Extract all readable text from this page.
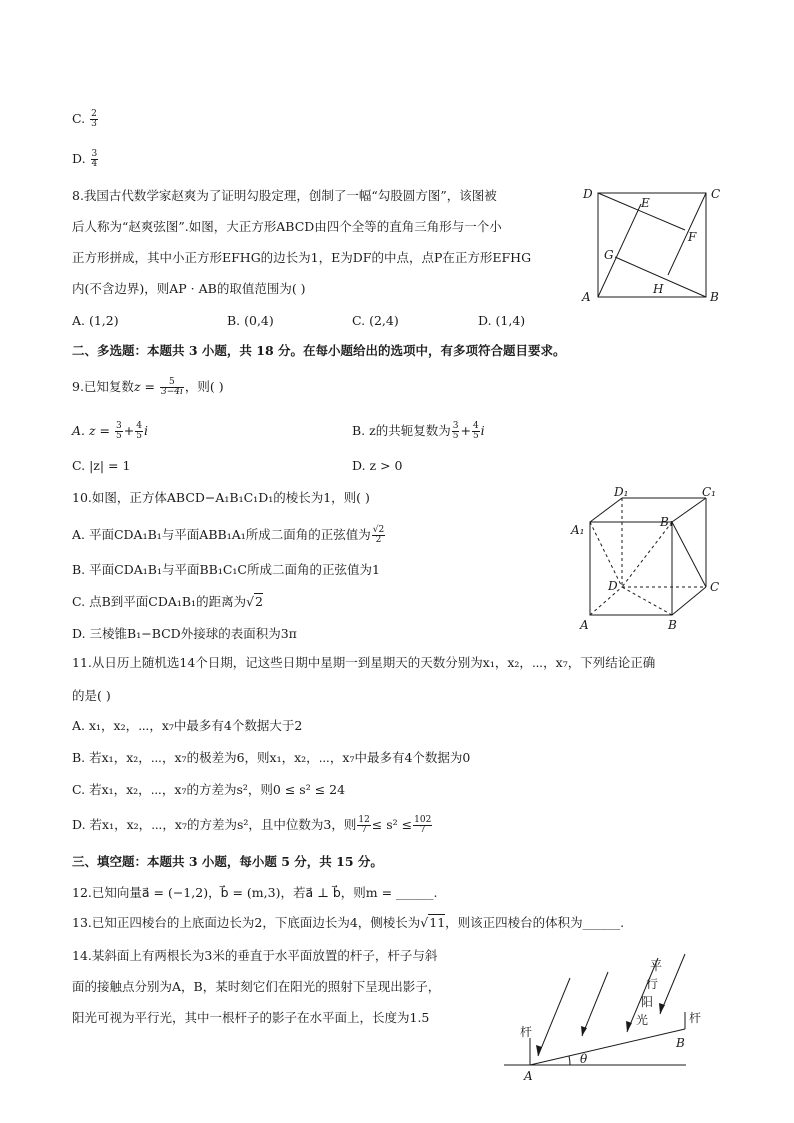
C. $\frac{2}{3}$
D. $\frac{3}{4}$
8.我国古代数学家赵爽为了证明勾股定理，创制了一幅“勾股圆方图”，该图被
后人称为“赵爽弦图”.如图，大正方形ABCD由四个全等的直角三角形与一个小
正方形拼成，其中小正方形EFHG的边长为1，E为DF的中点，点P在正方形EFHG
内(不含边界)，则AP · AB的取值范围为( )
A. (1,2)	B. (0,4)	C. (2,4)	D. (1,4)
D	C
E
F
G
H
A	B
二、多选题：本题共 3 小题，共 18 分。在每小题给出的选项中，有多项符合题目要求。
9.已知复数$z = \frac{5}{3-4i}$ ，则( )
A. $z = \frac{3}{5} + \frac{4}{5}$ i	B. z的共轭复数为 $\frac{3}{5} + \frac{4}{5}$ i
C. |z| = 1	D. z > 0
10.如图，正方体ABCD−A₁B₁C₁D₁的棱长为1，则( )
A. 平面CDA₁B₁与平面ABB₁A₁所成二面角的正弦值为 $\frac{√2}{2}$
B. 平面CDA₁B₁与平面BB₁C₁C所成二面角的正弦值为1
C. 点B到平面CDA₁B₁的距离为√2
D. 三棱锥B₁−BCD外接球的表面积为3π
D₁	C₁
A₁
B₁
D	C
A	B
11.从日历上随机选14个日期，记这些日期中星期一到星期天的天数分别为x₁，x₂，⋯，x₇，下列结论正确
的是( )
A. x₁，x₂，⋯，x₇中最多有4个数据大于2
B. 若x₁，x₂，⋯，x₇的极差为6，则x₁，x₂，⋯，x₇中最多有4个数据为0
C. 若x₁，x₂，⋯，x₇的方差为s²，则0 ≤ s² ≤ 24
D. 若x₁，x₂，⋯，x₇的方差为s²，且中位数为3，则 $\frac{12}{7} \le s^2 \le \frac{102}{7}$
三、填空题：本题共 3 小题，每小题 5 分，共 15 分。
12.已知向量a⃗ = (−1,2)，b⃗ = (m,3)，若a⃗ ⊥ b⃗，则m = ______.
13.已知正四棱台的上底面边长为2，下底面边长为4，侧棱长为√11，则该正四棱台的体积为______.
14.某斜面上有两根长为3米的垂直于水平面放置的杆子，杆子与斜
面的接触点分别为A，B，某时刻它们在阳光的照射下呈现出影子，
阳光可视为平行光，其中一根杆子的影子在水平面上，长度为1.5
杆
杆
平
行
阳
光
A
B
θ
